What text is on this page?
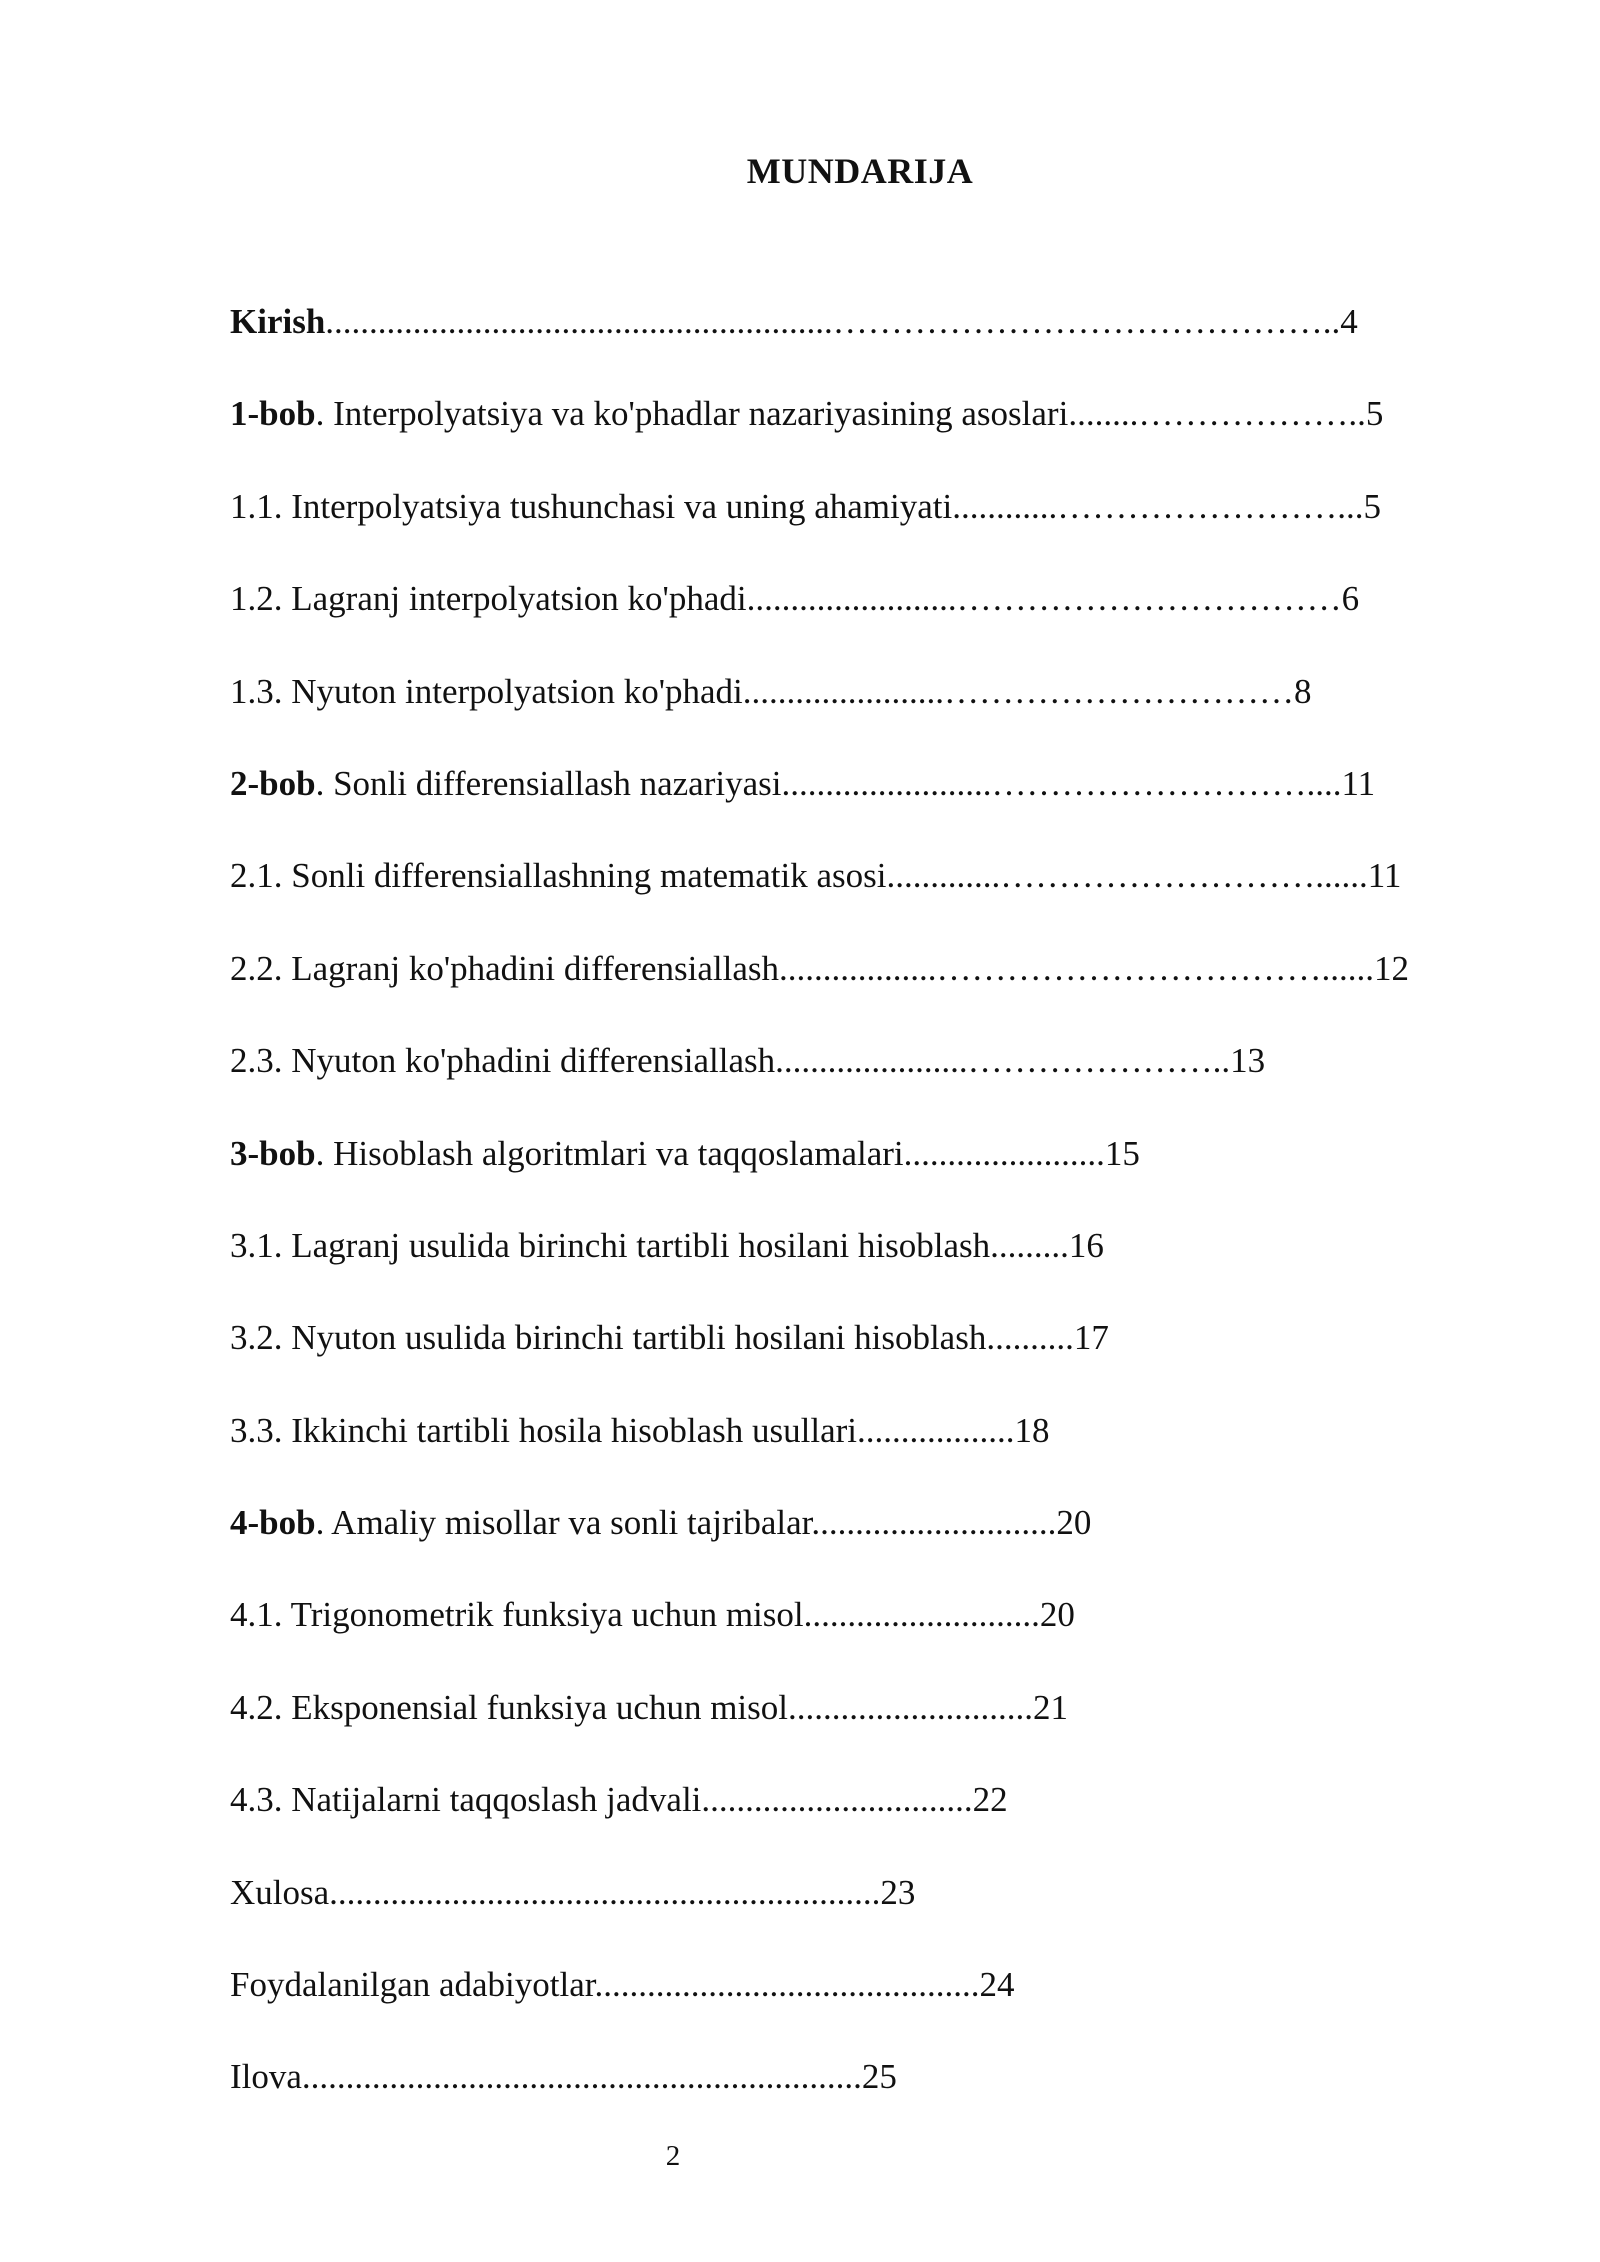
MUNDARIJA
Kirish..........................................................……………………………………..4
1-bob. Interpolyatsiya va ko'phadlar nazariyasining asoslari........………………..5
1.1. Interpolyatsiya tushunchasi va uning ahamiyati............……………………...5
1.2. Lagranj interpolyatsion ko'phadi........................……………………………6
1.3. Nyuton interpolyatsion ko'phadi.......................…………………………8
2-bob. Sonli differensiallash nazariyasi........................………………………....11
2.1. Sonli differensiallashning matematik asosi.............………………………......11
2.2. Lagranj ko'phadini differensiallash..................……………………………......12
2.3. Nyuton ko'phadini differensiallash......................…………………..13
3-bob. Hisoblash algoritmlari va taqqoslamalari.......................15
3.1. Lagranj usulida birinchi tartibli hosilani hisoblash.........16
3.2. Nyuton usulida birinchi tartibli hosilani hisoblash..........17
3.3. Ikkinchi tartibli hosila hisoblash usullari..................18
4-bob. Amaliy misollar va sonli tajribalar............................20
4.1. Trigonometrik funksiya uchun misol...........................20
4.2. Eksponensial funksiya uchun misol............................21
4.3. Natijalarni taqqoslash jadvali...............................22
Xulosa...............................................................23
Foydalanilgan adabiyotlar............................................24
Ilova................................................................25
2
